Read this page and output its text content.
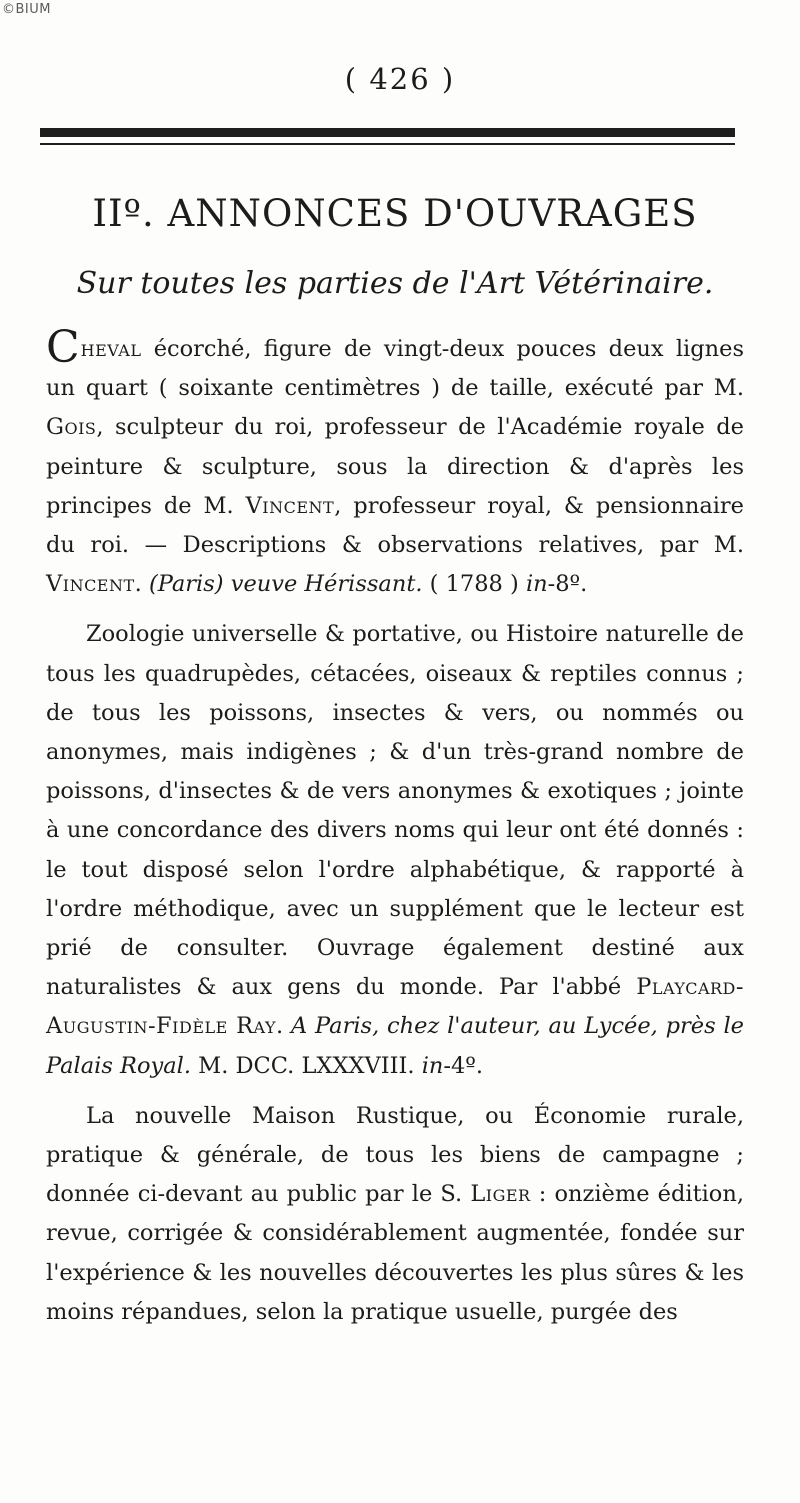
©BIUM
( 426 )
IIº. ANNONCES D'OUVRAGES
Sur toutes les parties de l'Art Vétérinaire.

Cheval écorché, figure de vingt-deux pouces deux lignes un quart ( soixante centimètres ) de taille, exécuté par M. Gois, sculpteur du roi, professeur de l'Académie royale de peinture & sculpture, sous la direction & d'après les principes de M. Vincent, professeur royal, & pensionnaire du roi. — Descriptions & observations relatives, par M. Vincent. (Paris) veuve Hérissant. ( 1788 ) in-8º.

Zoologie universelle & portative, ou Histoire naturelle de tous les quadrupèdes, cétacées, oiseaux & reptiles connus ; de tous les poissons, insectes & vers, ou nommés ou anonymes, mais indigènes ; & d'un très-grand nombre de poissons, d'insectes & de vers anonymes & exotiques ; jointe à une concordance des divers noms qui leur ont été donnés : le tout disposé selon l'ordre alphabétique, & rapporté à l'ordre méthodique, avec un supplément que le lecteur est prié de consulter. Ouvrage également destiné aux naturalistes & aux gens du monde. Par l'abbé Playcard-Augustin-Fidèle Ray. A Paris, chez l'auteur, au Lycée, près le Palais Royal. M. DCC. LXXXVIII. in-4º.

La nouvelle Maison Rustique, ou Économie rurale, pratique & générale, de tous les biens de campagne ; donnée ci-devant au public par le S. Liger : onzième édition, revue, corrigée & considérablement augmentée, fondée sur l'expérience & les nouvelles découvertes les plus sûres & les moins répandues, selon la pratique usuelle, purgée des
